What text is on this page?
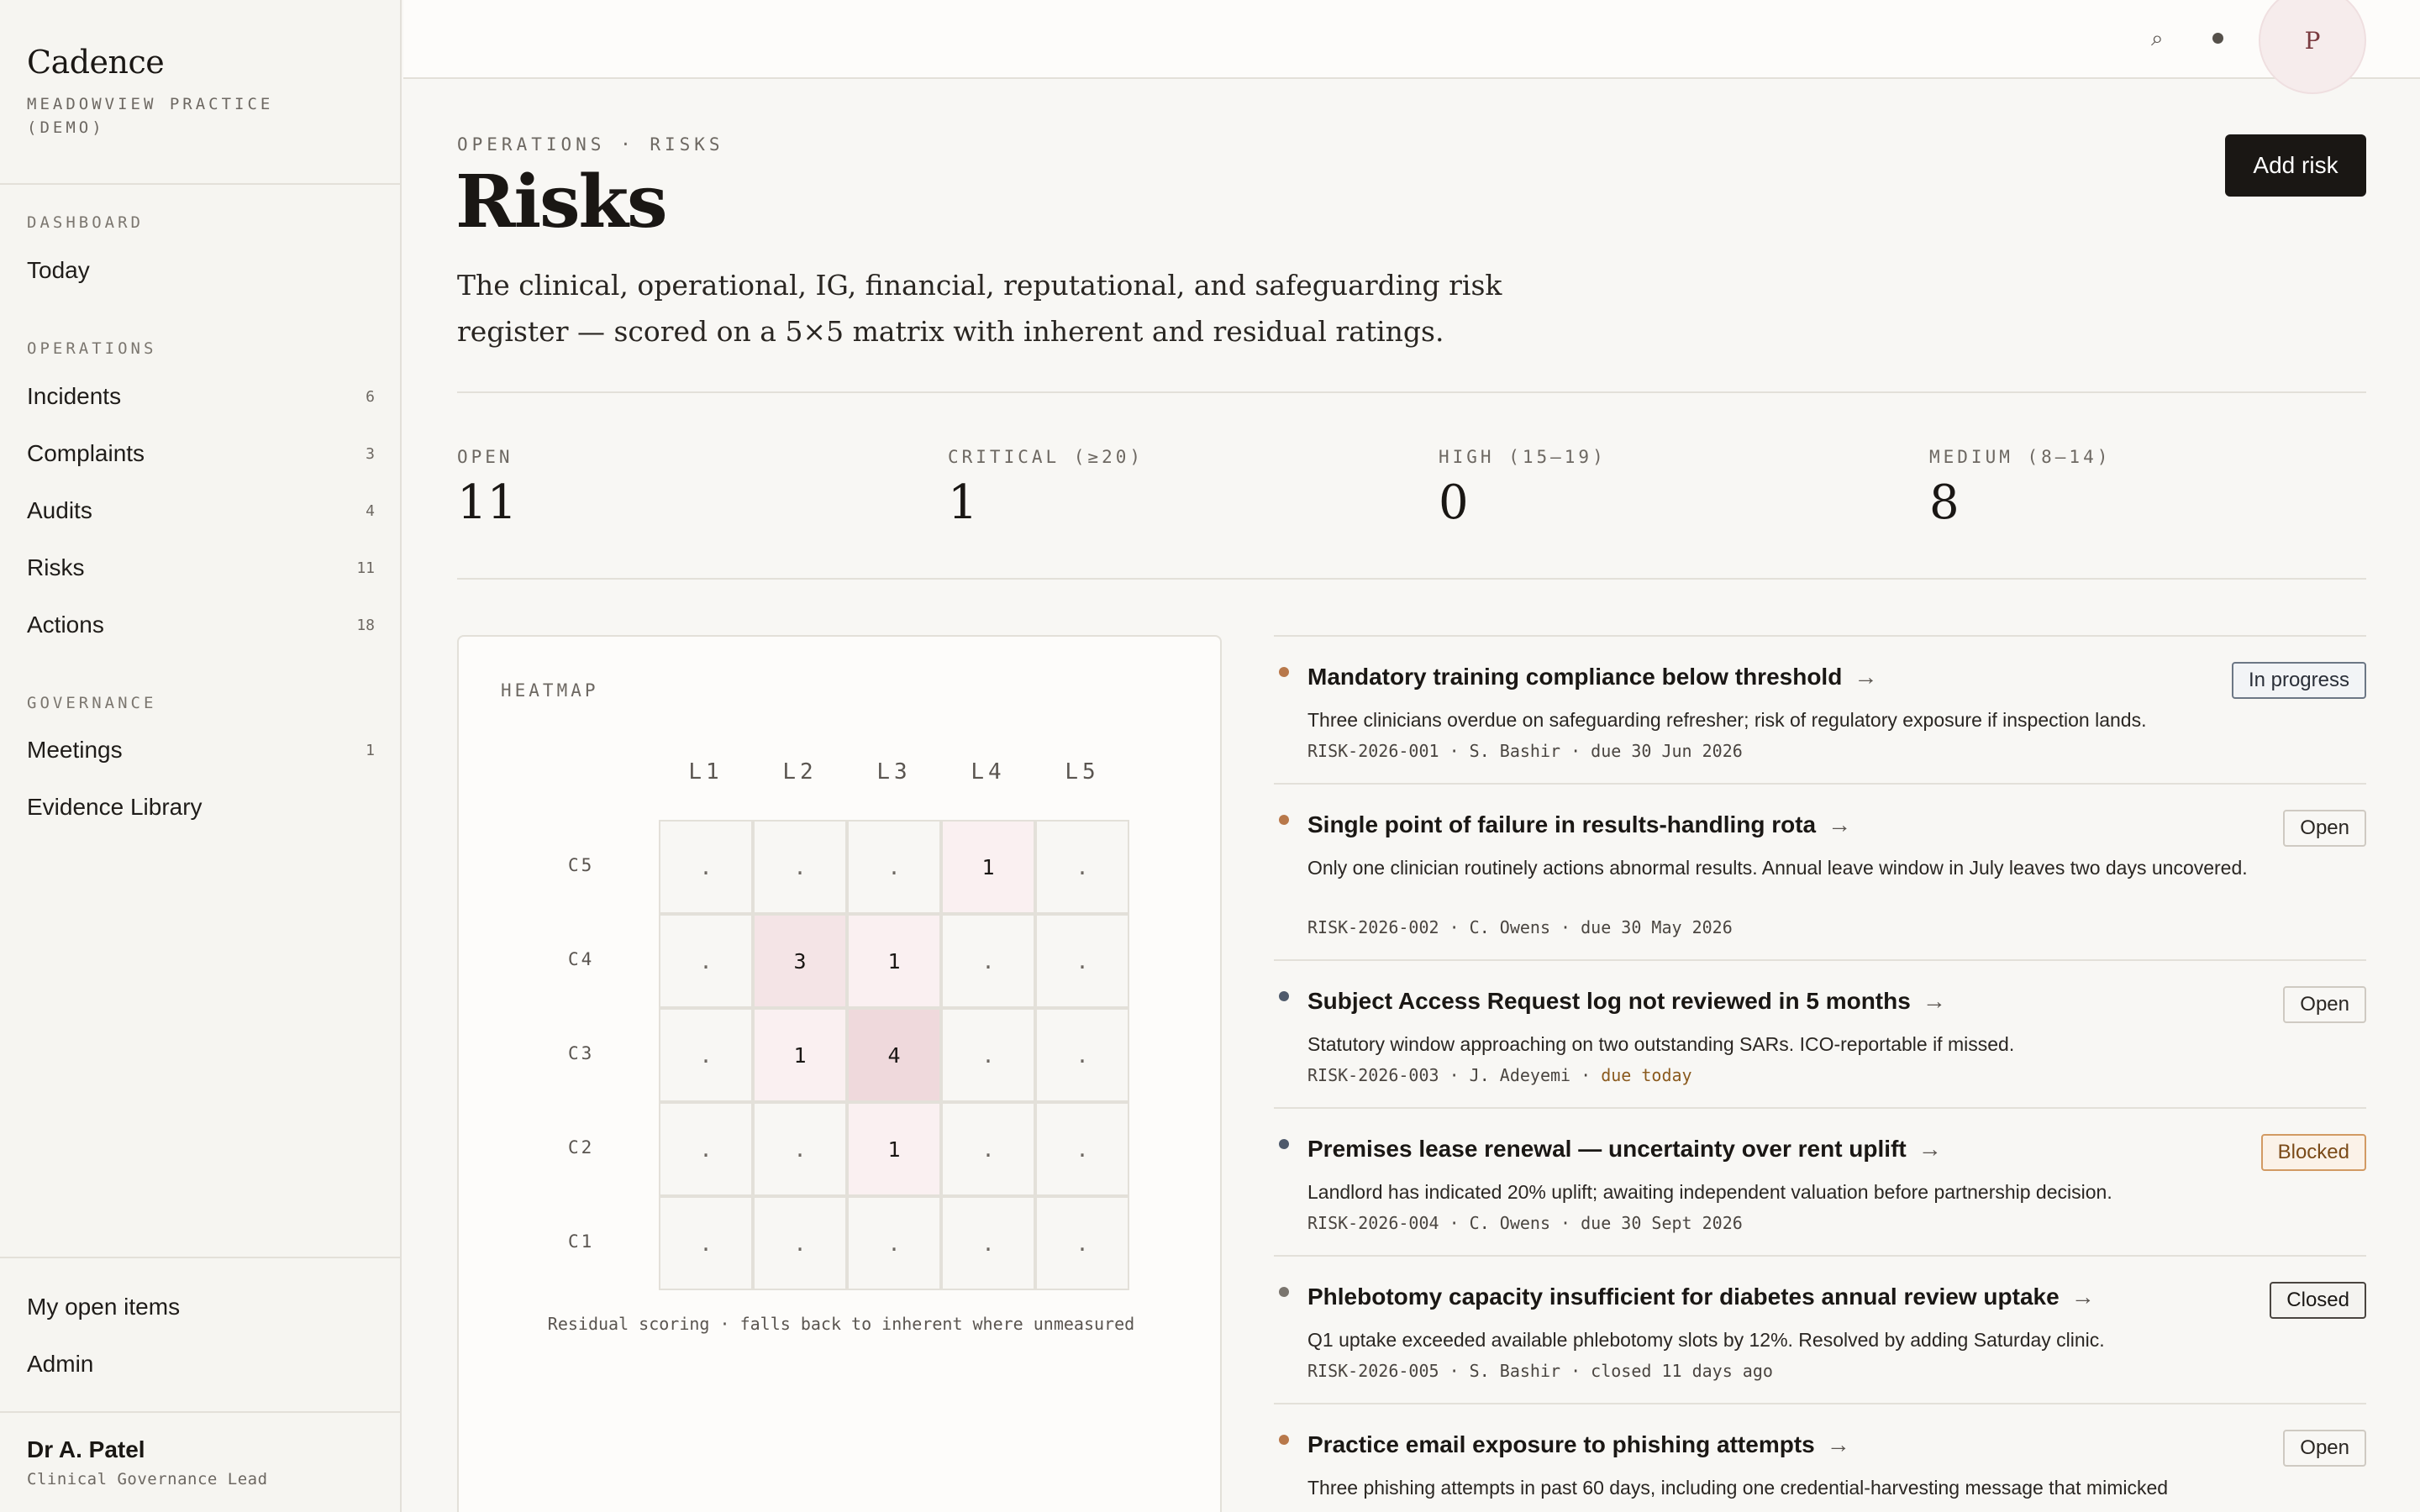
Cadence
MEADOWVIEW PRACTICE (DEMO)
DASHBOARD
Today
OPERATIONS
Incidents	6
Complaints	3
Audits	4
Risks	11
Actions	18
GOVERNANCE
Meetings	1
Evidence Library
My open items
Admin
Dr A. Patel
Clinical Governance Lead
⌕	P
OPERATIONS · RISKS
Risks

The clinical, operational, IG, financial, reputational, and safeguarding risk register — scored on a 5×5 matrix with inherent and residual ratings.

Add risk
OPEN
11
CRITICAL (≥20)
1
HIGH (15–19)
0
MEDIUM (8–14)
8
HEATMAP
L1	L2	L3	L4	L5
C5	.	.	.	1	.
C4	.	3	1	.	.
C3	.	1	4	.	.
C2	.	.	1	.	.
C1	.	.	.	.	.
Residual scoring · falls back to inherent where unmeasured
Mandatory training compliance below threshold →
Three clinicians overdue on safeguarding refresher; risk of regulatory exposure if inspection lands.
RISK-2026-001 · S. Bashir · due 30 Jun 2026
In progress
Single point of failure in results-handling rota →
Only one clinician routinely actions abnormal results. Annual leave window in July leaves two days uncovered.
RISK-2026-002 · C. Owens · due 30 May 2026
Open
Subject Access Request log not reviewed in 5 months →
Statutory window approaching on two outstanding SARs. ICO-reportable if missed.
RISK-2026-003 · J. Adeyemi · due today
Open
Premises lease renewal — uncertainty over rent uplift →
Landlord has indicated 20% uplift; awaiting independent valuation before partnership decision.
RISK-2026-004 · C. Owens · due 30 Sept 2026
Blocked
Phlebotomy capacity insufficient for diabetes annual review uptake →
Q1 uptake exceeded available phlebotomy slots by 12%. Resolved by adding Saturday clinic.
RISK-2026-005 · S. Bashir · closed 11 days ago
Closed
Practice email exposure to phishing attempts →
Three phishing attempts in past 60 days, including one credential-harvesting message that mimicked
Open
